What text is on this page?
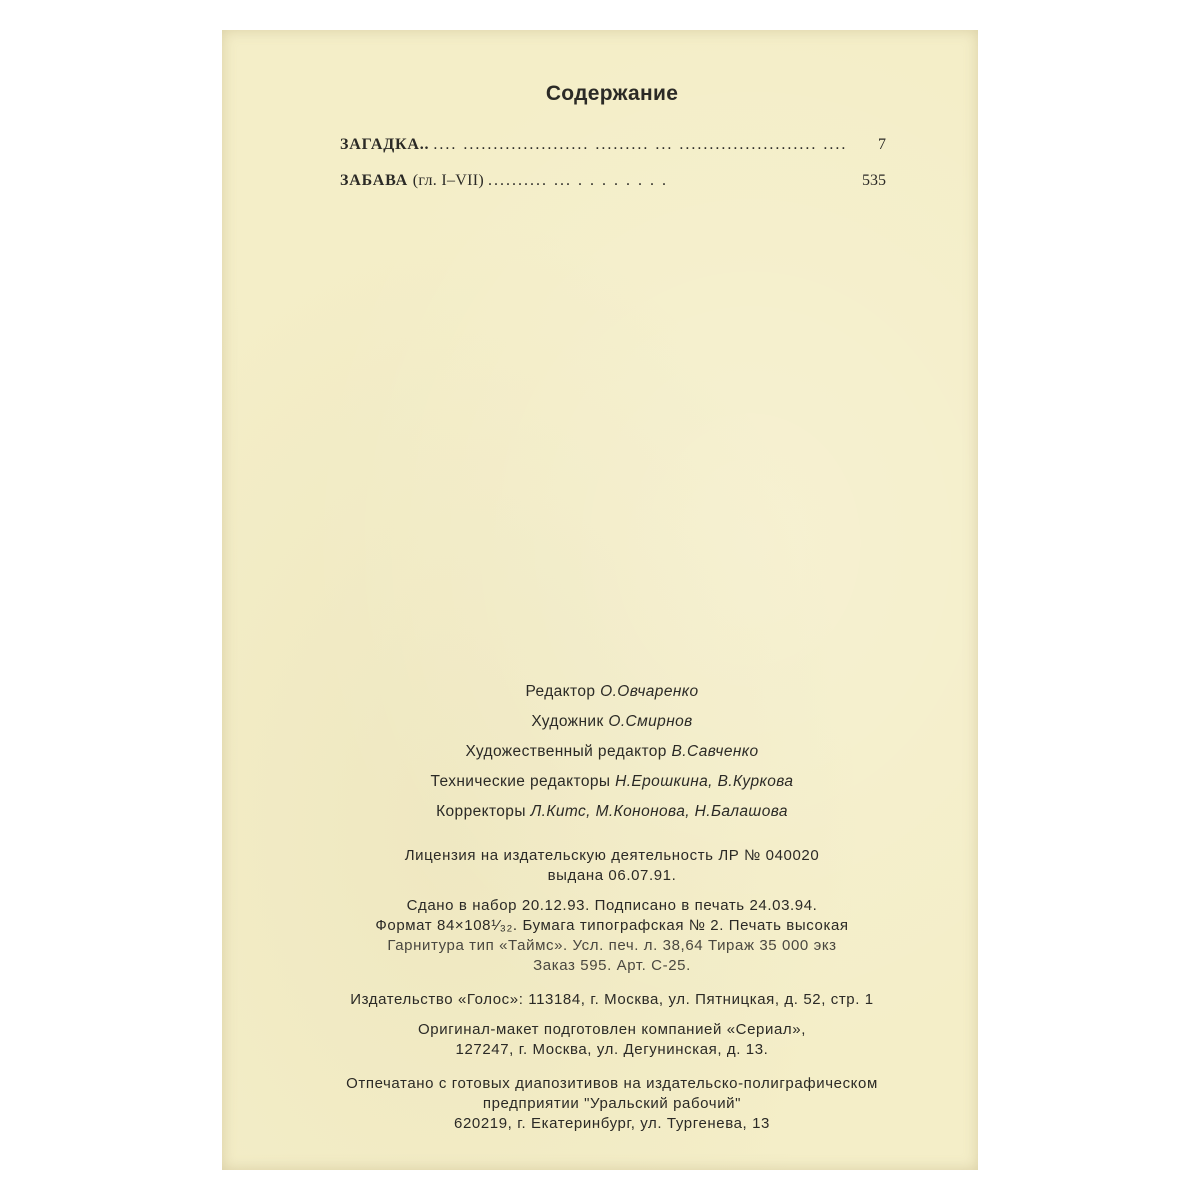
Содержание
ЗАГАДКА.. .... ..................... ......... ... ....................... ....	7
ЗАБАВА (гл. I–VII) .......... ... . . . . . . . .	535
Редактор О.Овчаренко
Художник О.Смирнов
Художественный редактор В.Савченко
Технические редакторы Н.Ерошкина, В.Куркова
Корректоры Л.Китс, М.Кононова, Н.Балашова
Лицензия на издательскую деятельность ЛР № 040020
выдана 06.07.91.
Сдано в набор 20.12.93. Подписано в печать 24.03.94.
Формат 84×108¹⁄₃₂. Бумага типографская № 2. Печать высокая
Гарнитура тип «Таймс». Усл. печ. л. 38,64 Тираж 35 000 экз
Заказ 595. Арт. С-25.
Издательство «Голос»: 113184, г. Москва, ул. Пятницкая, д. 52, стр. 1
Оригинал-макет подготовлен компанией «Сериал»,
127247, г. Москва, ул. Дегунинская, д. 13.
Отпечатано с готовых диапозитивов на издательско-полиграфическом
предприятии "Уральский рабочий"
620219, г. Екатеринбург, ул. Тургенева, 13
